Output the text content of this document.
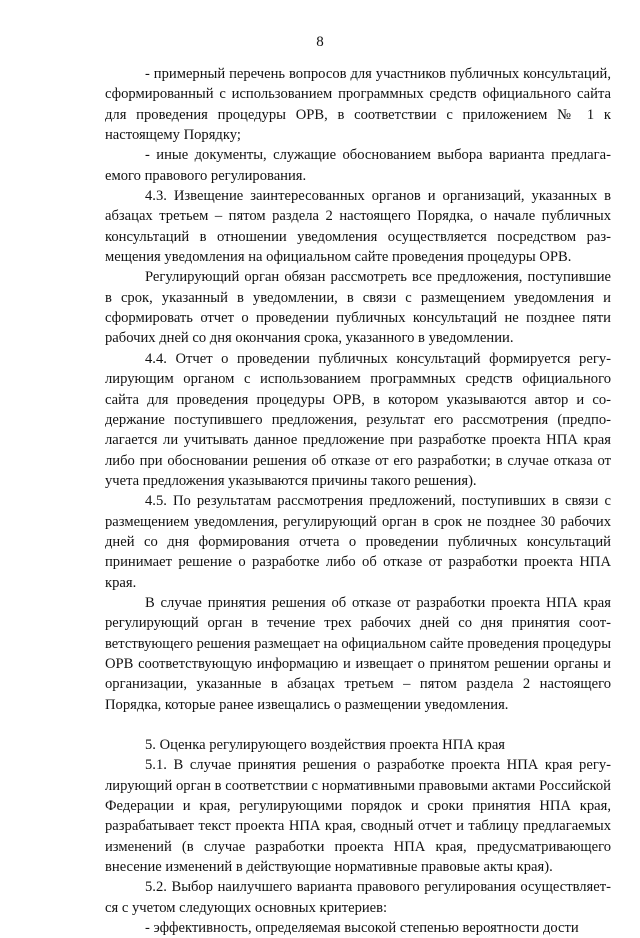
8

- примерный перечень вопросов для участников публичных консультаций, сформированный с использованием программных средств официального сайта для проведения процедуры ОРВ, в соответствии с приложением № 1 к настоящему Порядку;

- иные документы, служащие обоснованием выбора варианта предлагаемого правового регулирования.

4.3. Извещение заинтересованных органов и организаций, указанных в абзацах третьем – пятом раздела 2 настоящего Порядка, о начале публичных консультаций в отношении уведомления осуществляется посредством размещения уведомления на официальном сайте проведения процедуры ОРВ.

Регулирующий орган обязан рассмотреть все предложения, поступившие в срок, указанный в уведомлении, в связи с размещением уведомления и сформировать отчет о проведении публичных консультаций не позднее пяти рабочих дней со дня окончания срока, указанного в уведомлении.

4.4. Отчет о проведении публичных консультаций формируется регулирующим органом с использованием программных средств официального сайта для проведения процедуры ОРВ, в котором указываются автор и содержание поступившего предложения, результат его рассмотрения (предполагается ли учитывать данное предложение при разработке проекта НПА края либо при обосновании решения об отказе от его разработки; в случае отказа от учета предложения указываются причины такого решения).

4.5. По результатам рассмотрения предложений, поступивших в связи с размещением уведомления, регулирующий орган в срок не позднее 30 рабочих дней со дня формирования отчета о проведении публичных консультаций принимает решение о разработке либо об отказе от разработки проекта НПА края.

В случае принятия решения об отказе от разработки проекта НПА края регулирующий орган в течение трех рабочих дней со дня принятия соответствующего решения размещает на официальном сайте проведения процедуры ОРВ соответствующую информацию и извещает о принятом решении органы и организации, указанные в абзацах третьем – пятом раздела 2 настоящего Порядка, которые ранее извещались о размещении уведомления.

5. Оценка регулирующего воздействия проекта НПА края

5.1. В случае принятия решения о разработке проекта НПА края регулирующий орган в соответствии с нормативными правовыми актами Российской Федерации и края, регулирующими порядок и сроки принятия НПА края, разрабатывает текст проекта НПА края, сводный отчет и таблицу предлагаемых изменений (в случае разработки проекта НПА края, предусматривающего внесение изменений в действующие нормативные правовые акты края).

5.2. Выбор наилучшего варианта правового регулирования осуществляется с учетом следующих основных критериев:

- эффективность, определяемая высокой степенью вероятности дости
